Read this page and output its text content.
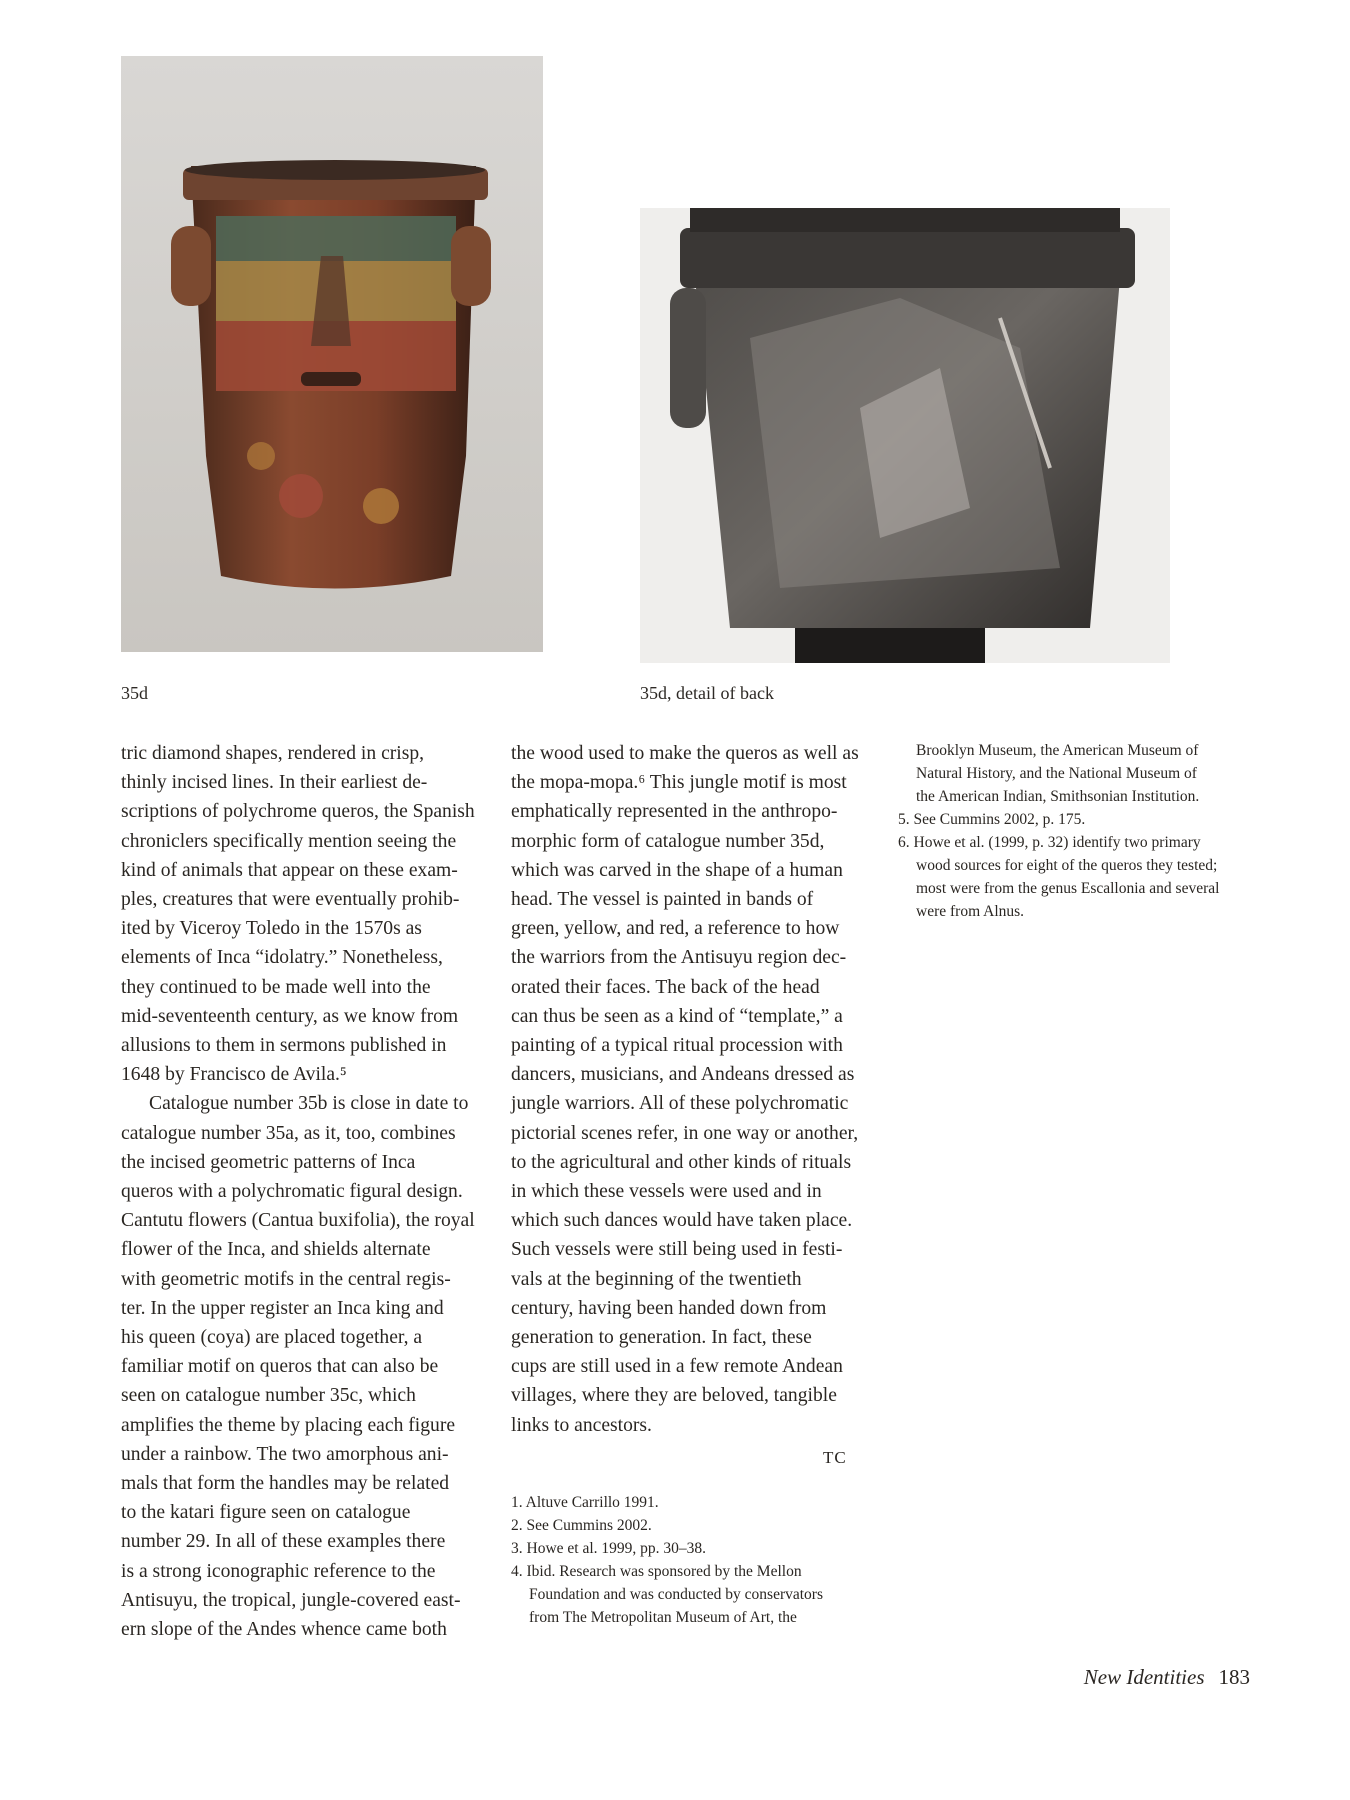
35d	35d, detail of back

tric diamond shapes, rendered in crisp,
thinly incised lines. In their earliest de-
scriptions of polychrome queros, the Spanish
chroniclers specifically mention seeing the
kind of animals that appear on these exam-
ples, creatures that were eventually prohib-
ited by Viceroy Toledo in the 1570s as
elements of Inca “idolatry.” Nonetheless,
they continued to be made well into the
mid-seventeenth century, as we know from
allusions to them in sermons published in
1648 by Francisco de Avila.⁵

Catalogue number 35b is close in date to
catalogue number 35a, as it, too, combines
the incised geometric patterns of Inca
queros with a polychromatic figural design.
Cantutu flowers (Cantua buxifolia), the royal
flower of the Inca, and shields alternate
with geometric motifs in the central regis-
ter. In the upper register an Inca king and
his queen (coya) are placed together, a
familiar motif on queros that can also be
seen on catalogue number 35c, which
amplifies the theme by placing each figure
under a rainbow. The two amorphous ani-
mals that form the handles may be related
to the katari figure seen on catalogue
number 29. In all of these examples there
is a strong iconographic reference to the
Antisuyu, the tropical, jungle-covered east-
ern slope of the Andes whence came both

the wood used to make the queros as well as
the mopa-mopa.⁶ This jungle motif is most
emphatically represented in the anthropo-
morphic form of catalogue number 35d,
which was carved in the shape of a human
head. The vessel is painted in bands of
green, yellow, and red, a reference to how
the warriors from the Antisuyu region dec-
orated their faces. The back of the head
can thus be seen as a kind of “template,” a
painting of a typical ritual procession with
dancers, musicians, and Andeans dressed as
jungle warriors. All of these polychromatic
pictorial scenes refer, in one way or another,
to the agricultural and other kinds of rituals
in which these vessels were used and in
which such dances would have taken place.
Such vessels were still being used in festi-
vals at the beginning of the twentieth
century, having been handed down from
generation to generation. In fact, these
cups are still used in a few remote Andean
villages, where they are beloved, tangible
links to ancestors.

TC
1. Altuve Carrillo 1991.
2. See Cummins 2002.
3. Howe et al. 1999, pp. 30–38.
4. Ibid. Research was sponsored by the Mellon
Foundation and was conducted by conservators
from The Metropolitan Museum of Art, the
Brooklyn Museum, the American Museum of
Natural History, and the National Museum of
the American Indian, Smithsonian Institution.
5. See Cummins 2002, p. 175.
6. Howe et al. (1999, p. 32) identify two primary
wood sources for eight of the queros they tested;
most were from the genus Escallonia and several
were from Alnus.
New Identities 183
